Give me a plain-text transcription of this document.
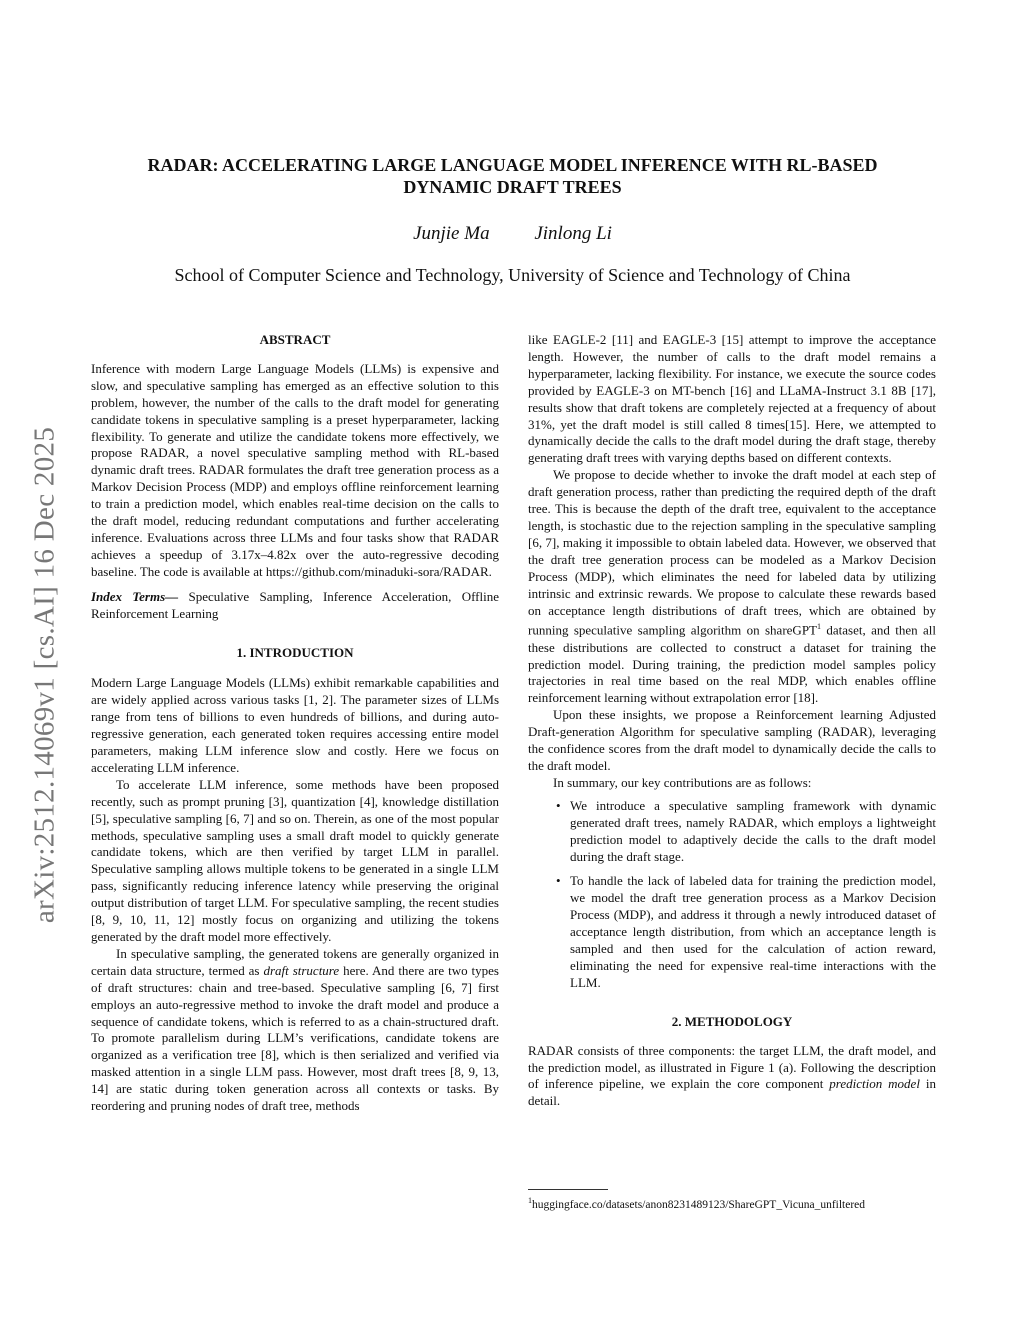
arXiv:2512.14069v1 [cs.AI] 16 Dec 2025
RADAR: ACCELERATING LARGE LANGUAGE MODEL INFERENCE WITH RL-BASED
DYNAMIC DRAFT TREES
Junjie Ma Jinlong Li
School of Computer Science and Technology, University of Science and Technology of China
ABSTRACT

Inference with modern Large Language Models (LLMs) is expensive and slow, and speculative sampling has emerged as an effective solution to this problem, however, the number of the calls to the draft model for generating candidate tokens in speculative sampling is a preset hyperparameter, lacking flexibility. To generate and utilize the candidate tokens more effectively, we propose RADAR, a novel speculative sampling method with RL-based dynamic draft trees. RADAR formulates the draft tree generation process as a Markov Decision Process (MDP) and employs offline reinforcement learning to train a prediction model, which enables real-time decision on the calls to the draft model, reducing redundant computations and further accelerating inference. Evaluations across three LLMs and four tasks show that RADAR achieves a speedup of 3.17x–4.82x over the auto-regressive decoding baseline. The code is available at https://github.com/minaduki-sora/RADAR.

Index Terms— Speculative Sampling, Inference Acceleration, Offline Reinforcement Learning

1. INTRODUCTION

Modern Large Language Models (LLMs) exhibit remarkable capabilities and are widely applied across various tasks [1, 2]. The parameter sizes of LLMs range from tens of billions to even hundreds of billions, and during auto-regressive generation, each generated token requires accessing entire model parameters, making LLM inference slow and costly. Here we focus on accelerating LLM inference.

To accelerate LLM inference, some methods have been proposed recently, such as prompt pruning [3], quantization [4], knowledge distillation [5], speculative sampling [6, 7] and so on. Therein, as one of the most popular methods, speculative sampling uses a small draft model to quickly generate candidate tokens, which are then verified by target LLM in parallel. Speculative sampling allows multiple tokens to be generated in a single LLM pass, significantly reducing inference latency while preserving the original output distribution of target LLM. For speculative sampling, the recent studies [8, 9, 10, 11, 12] mostly focus on organizing and utilizing the tokens generated by the draft model more effectively.

In speculative sampling, the generated tokens are generally organized in certain data structure, termed as draft structure here. And there are two types of draft structures: chain and tree-based. Speculative sampling [6, 7] first employs an auto-regressive method to invoke the draft model and produce a sequence of candidate tokens, which is referred to as a chain-structured draft. To promote parallelism during LLM’s verifications, candidate tokens are organized as a verification tree [8], which is then serialized and verified via masked attention in a single LLM pass. However, most draft trees [8, 9, 13, 14] are static during token generation across all contexts or tasks. By reordering and pruning nodes of draft tree, methods

like EAGLE-2 [11] and EAGLE-3 [15] attempt to improve the acceptance length. However, the number of calls to the draft model remains a hyperparameter, lacking flexibility. For instance, we execute the source codes provided by EAGLE-3 on MT-bench [16] and LLaMA-Instruct 3.1 8B [17], results show that draft tokens are completely rejected at a frequency of about 31%, yet the draft model is still called 8 times[15]. Here, we attempted to dynamically decide the calls to the draft model during the draft stage, thereby generating draft trees with varying depths based on different contexts.

We propose to decide whether to invoke the draft model at each step of draft generation process, rather than predicting the required depth of the draft tree. This is because the depth of the draft tree, equivalent to the acceptance length, is stochastic due to the rejection sampling in the speculative sampling [6, 7], making it impossible to obtain labeled data. However, we observed that the draft tree generation process can be modeled as a Markov Decision Process (MDP), which eliminates the need for labeled data by utilizing intrinsic and extrinsic rewards. We propose to calculate these rewards based on acceptance length distributions of draft trees, which are obtained by running speculative sampling algorithm on shareGPT$^1$ dataset, and then all these distributions are collected to construct a dataset for training the prediction model. During training, the prediction model samples policy trajectories in real time based on the real MDP, which enables offline reinforcement learning without extrapolation error [18].

Upon these insights, we propose a Reinforcement learning Adjusted Draft-generation Algorithm for speculative sampling (RADAR), leveraging the confidence scores from the draft model to dynamically decide the calls to the draft model.

In summary, our key contributions are as follows:

• We introduce a speculative sampling framework with dynamic generated draft trees, namely RADAR, which employs a lightweight prediction model to adaptively decide the calls to the draft model during the draft stage.
• To handle the lack of labeled data for training the prediction model, we model the draft tree generation process as a Markov Decision Process (MDP), and address it through a newly introduced dataset of acceptance length distribution, from which an acceptance length is sampled and then used for the calculation of action reward, eliminating the need for expensive real-time interactions with the LLM.
2. METHODOLOGY

RADAR consists of three components: the target LLM, the draft model, and the prediction model, as illustrated in Figure 1 (a). Following the description of inference pipeline, we explain the core component prediction model in detail.

$^1$huggingface.co/datasets/anon8231489123/ShareGPT_Vicuna_unfiltered
